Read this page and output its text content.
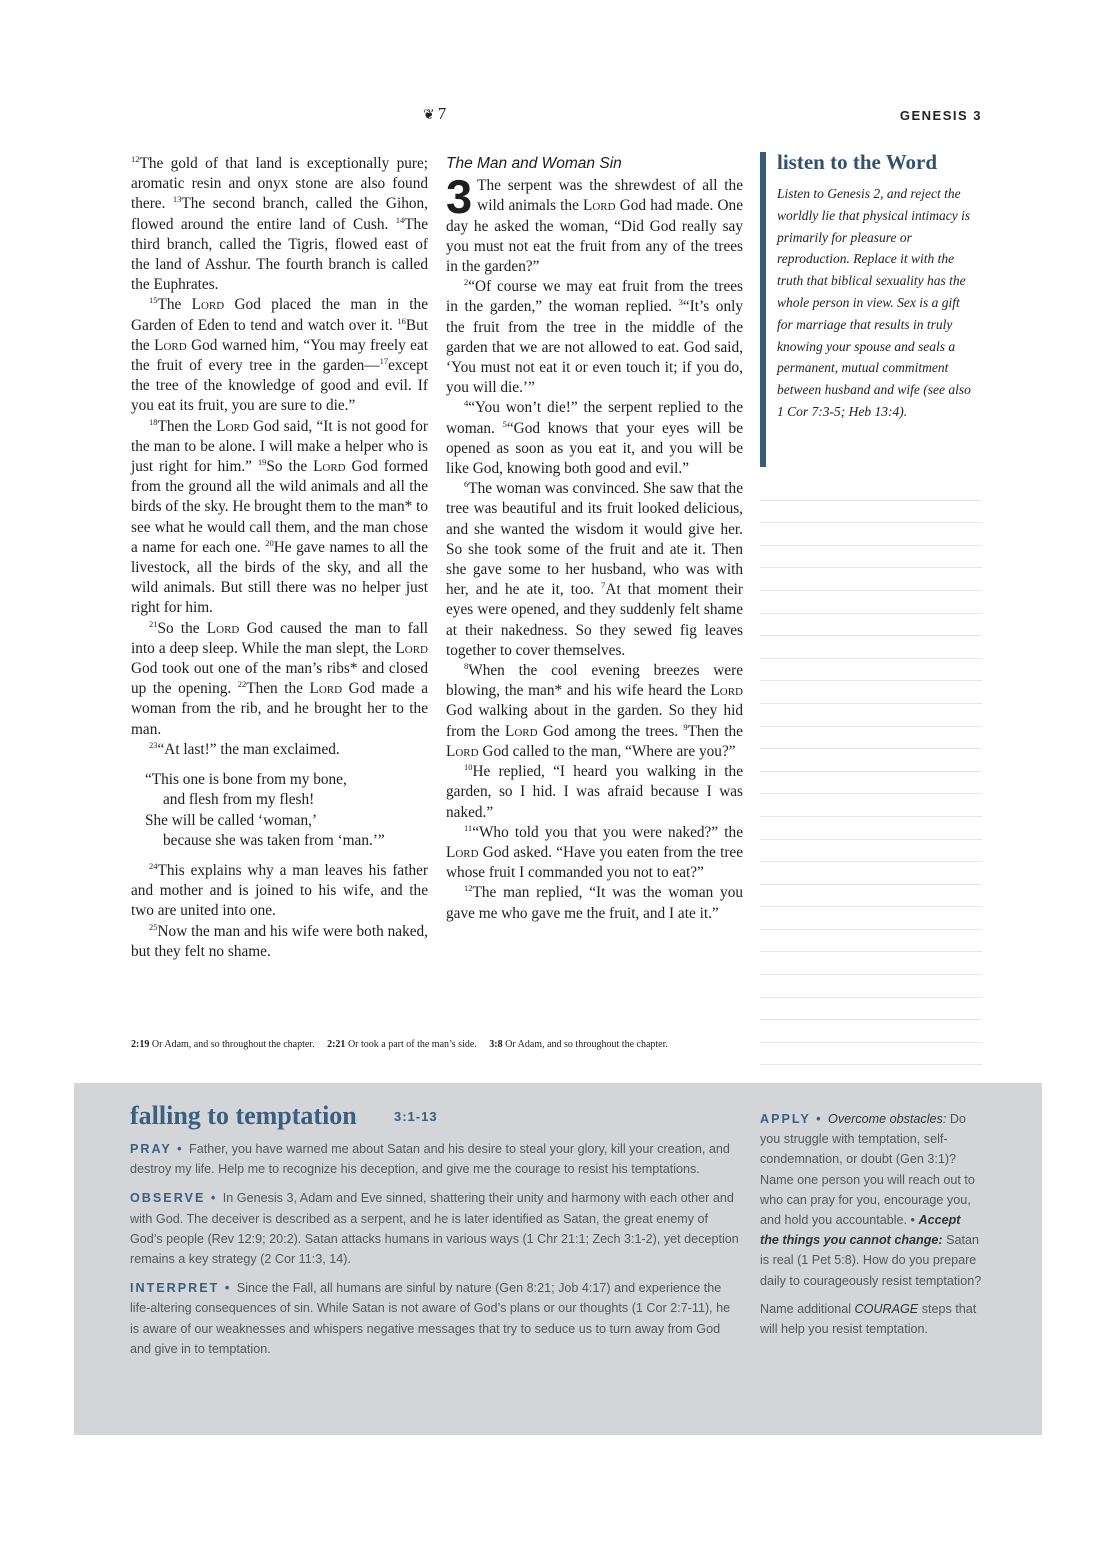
❦ 7	GENESIS 3

$^{12}$The gold of that land is exceptionally pure; aromatic resin and onyx stone are also found there. $^{13}$The second branch, called the Gihon, flowed around the entire land of Cush. $^{14}$The third branch, called the Tigris, flowed east of the land of Asshur. The fourth branch is called the Euphrates.

$^{15}$The Lord God placed the man in the Garden of Eden to tend and watch over it. $^{16}$But the Lord God warned him, “You may freely eat the fruit of every tree in the garden—$^{17}$except the tree of the knowledge of good and evil. If you eat its fruit, you are sure to die.”

$^{18}$Then the Lord God said, “It is not good for the man to be alone. I will make a helper who is just right for him.” $^{19}$So the Lord God formed from the ground all the wild animals and all the birds of the sky. He brought them to the man* to see what he would call them, and the man chose a name for each one. $^{20}$He gave names to all the livestock, all the birds of the sky, and all the wild animals. But still there was no helper just right for him.

$^{21}$So the Lord God caused the man to fall into a deep sleep. While the man slept, the Lord God took out one of the man’s ribs* and closed up the opening. $^{22}$Then the Lord God made a woman from the rib, and he brought her to the man.

$^{23}$“At last!” the man exclaimed.

“This one is bone from my bone,
and flesh from my flesh!
She will be called ‘woman,’
because she was taken from ‘man.’”

$^{24}$This explains why a man leaves his father and mother and is joined to his wife, and the two are united into one.

$^{25}$Now the man and his wife were both naked, but they felt no shame.

The Man and Woman Sin

3 The serpent was the shrewdest of all the wild animals the Lord God had made. One day he asked the woman, “Did God really say you must not eat the fruit from any of the trees in the garden?”

$^2$“Of course we may eat fruit from the trees in the garden,” the woman replied. $^3$“It’s only the fruit from the tree in the middle of the garden that we are not allowed to eat. God said, ‘You must not eat it or even touch it; if you do, you will die.’”

$^4$“You won’t die!” the serpent replied to the woman. $^5$“God knows that your eyes will be opened as soon as you eat it, and you will be like God, knowing both good and evil.”

$^6$The woman was convinced. She saw that the tree was beautiful and its fruit looked delicious, and she wanted the wisdom it would give her. So she took some of the fruit and ate it. Then she gave some to her husband, who was with her, and he ate it, too. $^7$At that moment their eyes were opened, and they suddenly felt shame at their nakedness. So they sewed fig leaves together to cover themselves.

$^8$When the cool evening breezes were blowing, the man* and his wife heard the Lord God walking about in the garden. So they hid from the Lord God among the trees. $^9$Then the Lord God called to the man, “Where are you?”

$^{10}$He replied, “I heard you walking in the garden, so I hid. I was afraid because I was naked.”

$^{11}$“Who told you that you were naked?” the Lord God asked. “Have you eaten from the tree whose fruit I commanded you not to eat?”

$^{12}$The man replied, “It was the woman you gave me who gave me the fruit, and I ate it.”

2:19 Or Adam, and so throughout the chapter. 2:21 Or took a part of the man’s side. 3:8 Or Adam, and so throughout the chapter.
listen to the Word
Listen to Genesis 2, and reject the worldly lie that physical intimacy is primarily for pleasure or reproduction. Replace it with the truth that biblical sexuality has the whole person in view. Sex is a gift for marriage that results in truly knowing your spouse and seals a permanent, mutual commitment between husband and wife (see also 1 Cor 7:3-5; Heb 13:4).
falling to temptation	3:1-13

PRAY • Father, you have warned me about Satan and his desire to steal your glory, kill your creation, and destroy my life. Help me to recognize his deception, and give me the courage to resist his temptations.

OBSERVE • In Genesis 3, Adam and Eve sinned, shattering their unity and harmony with each other and with God. The deceiver is described as a serpent, and he is later identified as Satan, the great enemy of God’s people (Rev 12:9; 20:2). Satan attacks humans in various ways (1 Chr 21:1; Zech 3:1-2), yet deception remains a key strategy (2 Cor 11:3, 14).

INTERPRET • Since the Fall, all humans are sinful by nature (Gen 8:21; Job 4:17) and experience the life-altering consequences of sin. While Satan is not aware of God’s plans or our thoughts (1 Cor 2:7-11), he is aware of our weaknesses and whispers negative messages that try to seduce us to turn away from God and give in to temptation.

APPLY • Overcome obstacles: Do you struggle with temptation, self-condemnation, or doubt (Gen 3:1)? Name one person you will reach out to who can pray for you, encourage you, and hold you accountable. • Accept the things you cannot change: Satan is real (1 Pet 5:8). How do you prepare daily to courageously resist temptation?

Name additional COURAGE steps that will help you resist temptation.
